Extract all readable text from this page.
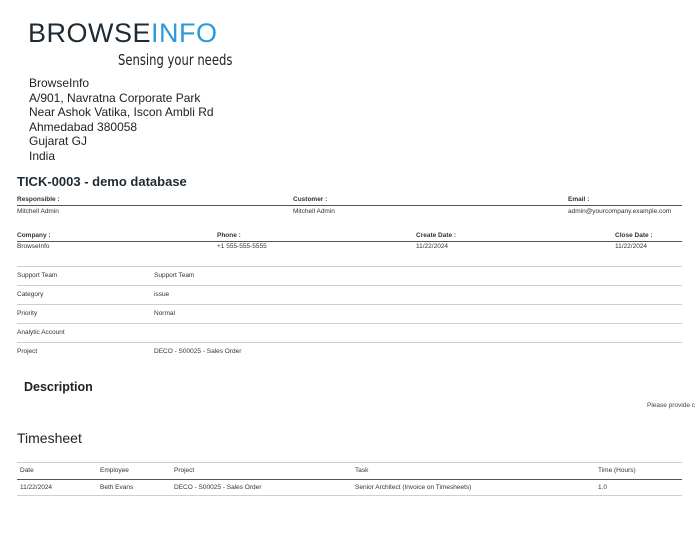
BROWSEINFO
Sensing your needs
BrowseInfo
A/901, Navratna Corporate Park
Near Ashok Vatika, Iscon Ambli Rd
Ahmedabad 380058
Gujarat GJ
India
TICK-0003 - demo database
Responsible :	Customer :	Email :
Mitchell Admin	Mitchell Admin	admin@yourcompany.example.com
Company :	Phone :	Create Date :	Close Date :
BrowseInfo	+1 555-555-5555	11/22/2024	11/22/2024
Support Team	Support Team
Category	issue
Priority	Normal
Analytic Account
Project	DECO - S00025 - Sales Order
Description
Please provide c
Timesheet
Date	Employee	Project	Task	Time (Hours)
11/22/2024	Beth Evans	DECO - S00025 - Sales Order	Senior Architect (Invoice on Timesheets)	1.0
